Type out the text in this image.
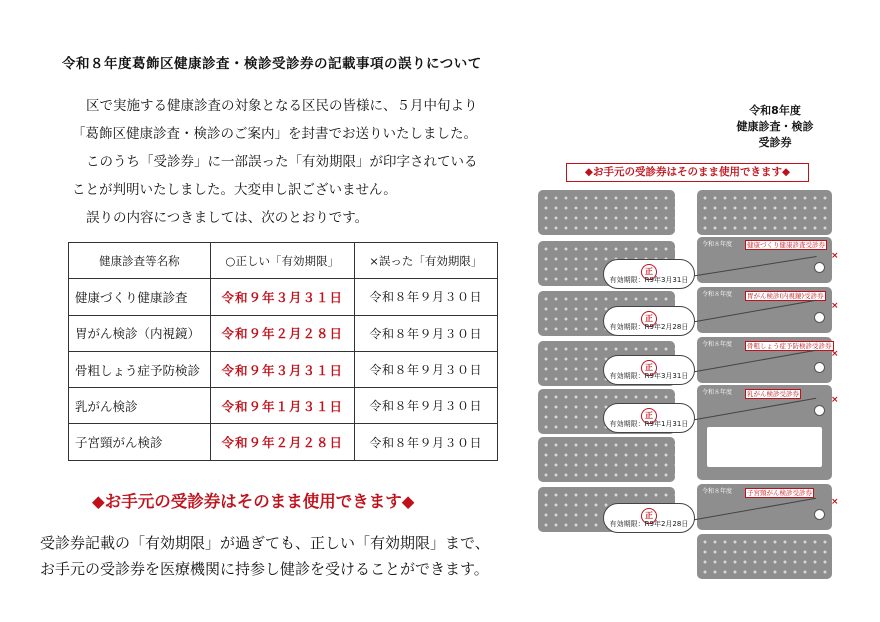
令和８年度葛飾区健康診査・検診受診券の記載事項の誤りについて
区で実施する健康診査の対象となる区民の皆様に、５月中旬より
「葛飾区健康診査・検診のご案内」を封書でお送りいたしました。
このうち「受診券」に一部誤った「有効期限」が印字されている
ことが判明いたしました。大変申し訳ございません。
誤りの内容につきましては、次のとおりです。
健康診査等名称	○正しい「有効期限」	×誤った「有効期限」
健康づくり健康診査	令和９年３月３１日	令和８年９月３０日
胃がん検診（内視鏡）	令和９年２月２８日	令和８年９月３０日
骨粗しょう症予防検診	令和９年３月３１日	令和８年９月３０日
乳がん検診	令和９年１月３１日	令和８年９月３０日
子宮頸がん検診	令和９年２月２８日	令和８年９月３０日
◆お手元の受診券はそのまま使用できます◆
受診券記載の「有効期限」が過ぎても、正しい「有効期限」まで、
お手元の受診券を医療機関に持参し健診を受けることができます。
令和8年度
健康診査・検診
受診券
◆お手元の受診券はそのまま使用できます◆
令和８年度	健康づくり健康診査受診券
×
令和８年度	胃がん検診(内視鏡)受診券
×
令和８年度	骨粗しょう症予防検診受診券
×
令和８年度	乳がん検診受診券
×
令和８年度	子宮頸がん検診受診券
×
正
有効期限：R9年3月31日
正
有効期限：R9年2月28日
正
有効期限：R9年3月31日
正
有効期限：R9年1月31日
正
有効期限：R9年2月28日
